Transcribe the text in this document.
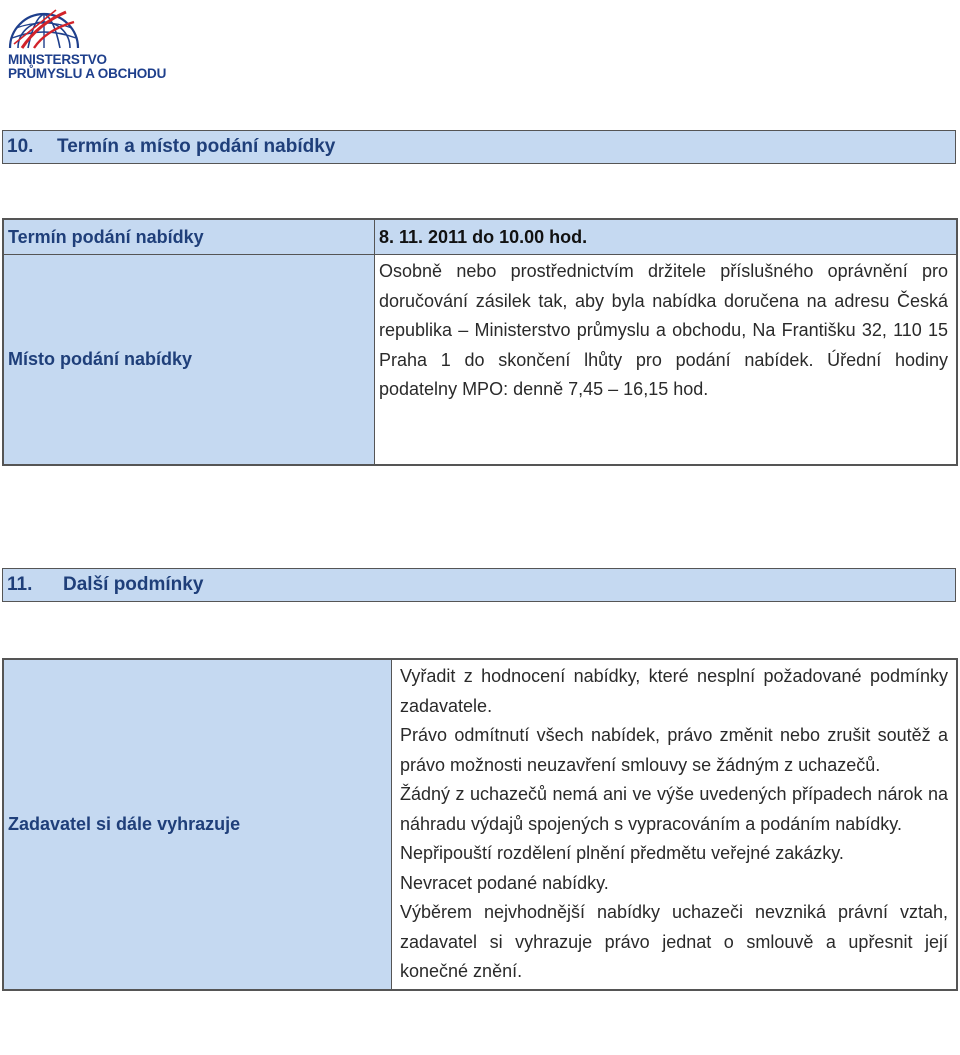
MINISTERSTVO
PRŮMYSLU A OBCHODU
10. Termín a místo podání nabídky
Termín podání nabídky	8. 11. 2011 do 10.00 hod.
Místo podání nabídky	Osobně nebo prostřednictvím držitele příslušného oprávnění pro doručování zásilek tak, aby byla nabídka doručena na adresu Česká republika – Ministerstvo průmyslu a obchodu, Na Františku 32, 110 15 Praha 1 do skončení lhůty pro podání nabídek. Úřední hodiny podatelny MPO: denně 7,45 – 16,15 hod.
11. Další podmínky
Zadavatel si dále vyhrazuje	

Vyřadit z hodnocení nabídky, které nesplní požadované podmínky zadavatele.

Právo odmítnutí všech nabídek, právo změnit nebo zrušit soutěž a právo možnosti neuzavření smlouvy se žádným z uchazečů.

Žádný z uchazečů nemá ani ve výše uvedených případech nárok na náhradu výdajů spojených s vypracováním a podáním nabídky.

Nepřipouští rozdělení plnění předmětu veřejné zakázky.

Nevracet podané nabídky.

Výběrem nejvhodnější nabídky uchazeči nevzniká právní vztah, zadavatel si vyhrazuje právo jednat o smlouvě a upřesnit její konečné znění.
